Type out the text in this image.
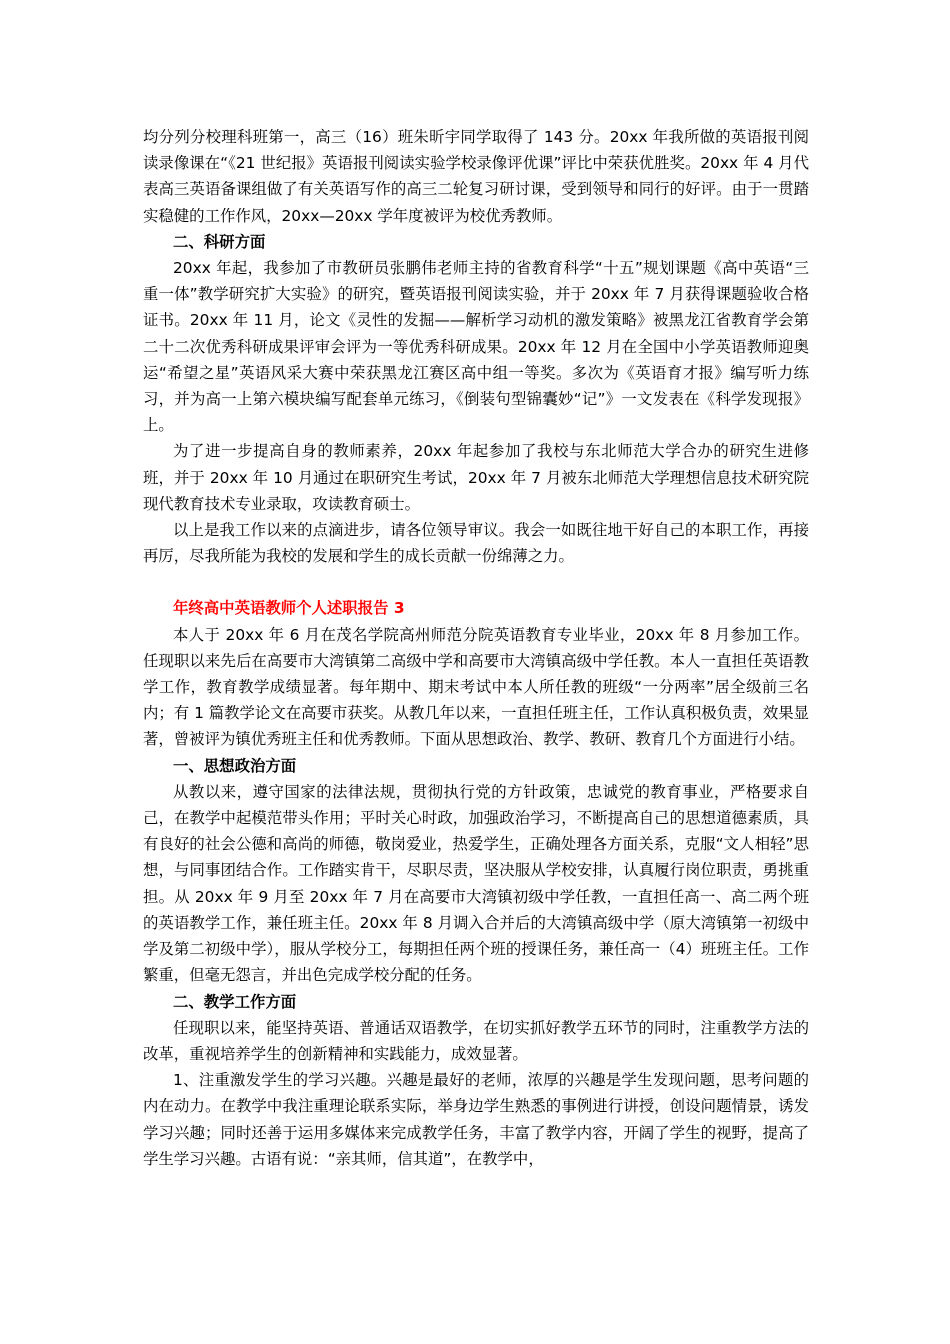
均分列分校理科班第一，高三（16）班朱昕宇同学取得了 143 分。20xx 年我所做的英语报刊阅读录像课在“《21 世纪报》英语报刊阅读实验学校录像评优课”评比中荣获优胜奖。20xx 年 4 月代表高三英语备课组做了有关英语写作的高三二轮复习研讨课，受到领导和同行的好评。由于一贯踏实稳健的工作作风，20xx—20xx 学年度被评为校优秀教师。

二、科研方面

20xx 年起，我参加了市教研员张鹏伟老师主持的省教育科学“十五”规划课题《高中英语“三重一体”教学研究扩大实验》的研究，暨英语报刊阅读实验，并于 20xx 年 7 月获得课题验收合格证书。20xx 年 11 月，论文《灵性的发掘——解析学习动机的激发策略》被黑龙江省教育学会第二十二次优秀科研成果评审会评为一等优秀科研成果。20xx 年 12 月在全国中小学英语教师迎奥运“希望之星”英语风采大赛中荣获黑龙江赛区高中组一等奖。多次为《英语育才报》编写听力练习，并为高一上第六模块编写配套单元练习，《倒装句型锦囊妙“记”》一文发表在《科学发现报》上。

为了进一步提高自身的教师素养，20xx 年起参加了我校与东北师范大学合办的研究生进修班，并于 20xx 年 10 月通过在职研究生考试，20xx 年 7 月被东北师范大学理想信息技术研究院现代教育技术专业录取，攻读教育硕士。

以上是我工作以来的点滴进步，请各位领导审议。我会一如既往地干好自己的本职工作，再接再厉，尽我所能为我校的发展和学生的成长贡献一份绵薄之力。

年终高中英语教师个人述职报告 3

本人于 20xx 年 6 月在茂名学院高州师范分院英语教育专业毕业，20xx 年 8 月参加工作。任现职以来先后在高要市大湾镇第二高级中学和高要市大湾镇高级中学任教。本人一直担任英语教学工作，教育教学成绩显著。每年期中、期末考试中本人所任教的班级“一分两率”居全级前三名内；有 1 篇教学论文在高要市获奖。从教几年以来，一直担任班主任，工作认真积极负责，效果显著，曾被评为镇优秀班主任和优秀教师。下面从思想政治、教学、教研、教育几个方面进行小结。

一、思想政治方面

从教以来，遵守国家的法律法规，贯彻执行党的方针政策，忠诚党的教育事业，严格要求自己，在教学中起模范带头作用；平时关心时政，加强政治学习，不断提高自己的思想道德素质，具有良好的社会公德和高尚的师德，敬岗爱业，热爱学生，正确处理各方面关系，克服“文人相轻”思想，与同事团结合作。工作踏实肯干，尽职尽责，坚决服从学校安排，认真履行岗位职责，勇挑重担。从 20xx 年 9 月至 20xx 年 7 月在高要市大湾镇初级中学任教，一直担任高一、高二两个班的英语教学工作，兼任班主任。20xx 年 8 月调入合并后的大湾镇高级中学（原大湾镇第一初级中学及第二初级中学），服从学校分工，每期担任两个班的授课任务，兼任高一（4）班班主任。工作繁重，但毫无怨言，并出色完成学校分配的任务。

二、教学工作方面

任现职以来，能坚持英语、普通话双语教学，在切实抓好教学五环节的同时，注重教学方法的改革，重视培养学生的创新精神和实践能力，成效显著。

1、注重激发学生的学习兴趣。兴趣是最好的老师，浓厚的兴趣是学生发现问题，思考问题的内在动力。在教学中我注重理论联系实际，举身边学生熟悉的事例进行讲授，创设问题情景，诱发学习兴趣；同时还善于运用多媒体来完成教学任务，丰富了教学内容，开阔了学生的视野，提高了学生学习兴趣。古语有说：“亲其师，信其道”，在教学中，
